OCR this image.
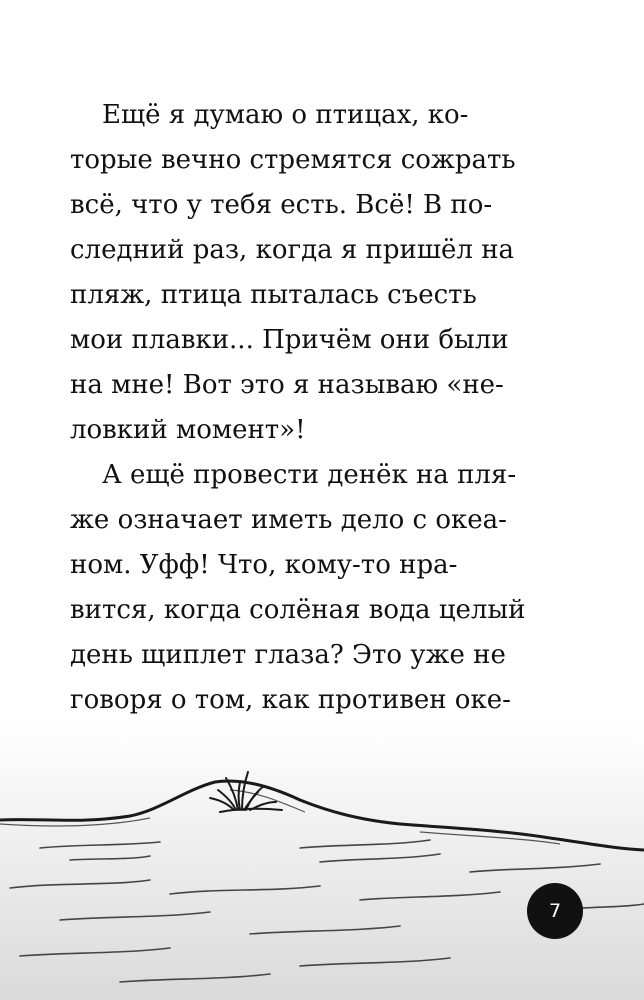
Ещё я думаю о птицах, ко-
торые вечно стремятся сожрать
всё, что у тебя есть. Всё! В по-
следний раз, когда я пришёл на
пляж, птица пыталась съесть
мои плавки... Причём они были
на мне! Вот это я называю «не-
ловкий момент»!
А ещё провести денёк на пля-
же означает иметь дело с океа-
ном. Уфф! Что, кому-то нра-
вится, когда солёная вода целый
день щиплет глаза? Это уже не
говоря о том, как противен оке-
7
